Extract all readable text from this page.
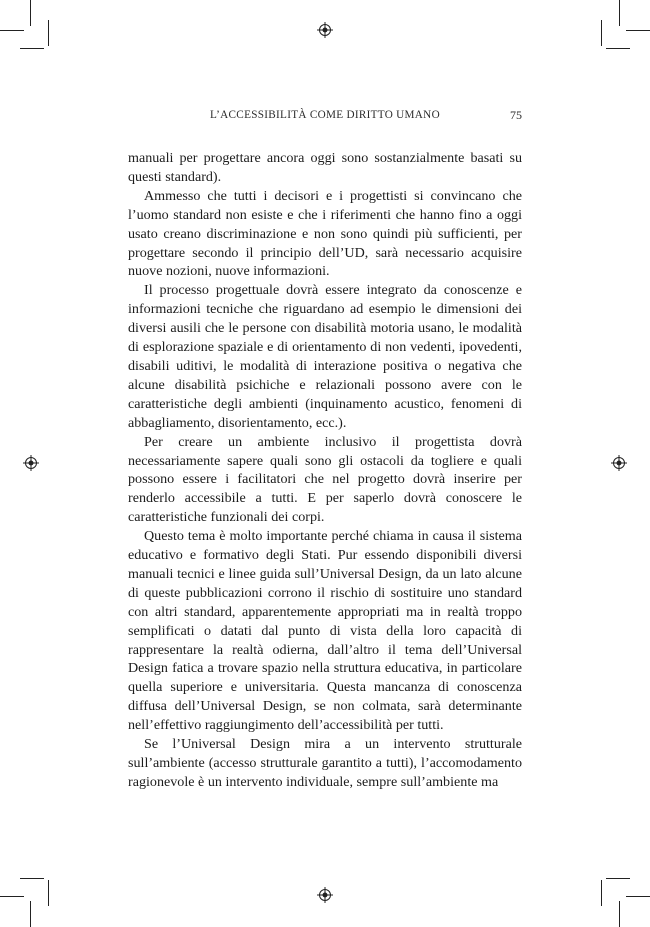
L’ACCESSIBILITÀ COME DIRITTO UMANO	75

manuali per progettare ancora oggi sono sostanzialmente basati su questi standard).

Ammesso che tutti i decisori e i progettisti si convincano che l’uomo standard non esiste e che i riferimenti che hanno fino a oggi usato creano discriminazione e non sono quindi più sufficienti, per progettare secondo il principio dell’UD, sarà necessario acquisire nuove nozioni, nuove informazioni.

Il processo progettuale dovrà essere integrato da conoscenze e informazioni tecniche che riguardano ad esempio le dimensioni dei diversi ausili che le persone con disabilità motoria usano, le modalità di esplorazione spaziale e di orientamento di non vedenti, ipovedenti, disabili uditivi, le modalità di interazione positiva o negativa che alcune disabilità psichiche e relazionali possono avere con le caratteristiche degli ambienti (inquinamento acustico, fenomeni di abbagliamento, disorientamento, ecc.).

Per creare un ambiente inclusivo il progettista dovrà necessariamente sapere quali sono gli ostacoli da togliere e quali possono essere i facilitatori che nel progetto dovrà inserire per renderlo accessibile a tutti. E per saperlo dovrà conoscere le caratteristiche funzionali dei corpi.

Questo tema è molto importante perché chiama in causa il sistema educativo e formativo degli Stati. Pur essendo disponibili diversi manuali tecnici e linee guida sull’Universal Design, da un lato alcune di queste pubblicazioni corrono il rischio di sostituire uno standard con altri standard, apparentemente appropriati ma in realtà troppo semplificati o datati dal punto di vista della loro capacità di rappresentare la realtà odierna, dall’altro il tema dell’Universal Design fatica a trovare spazio nella struttura educativa, in particolare quella superiore e universitaria. Questa mancanza di conoscenza diffusa dell’Universal Design, se non colmata, sarà determinante nell’effettivo raggiungimento dell’accessibilità per tutti.

Se l’Universal Design mira a un intervento strutturale sull’ambiente (accesso strutturale garantito a tutti), l’accomodamento ragionevole è un intervento individuale, sempre sull’ambiente ma
